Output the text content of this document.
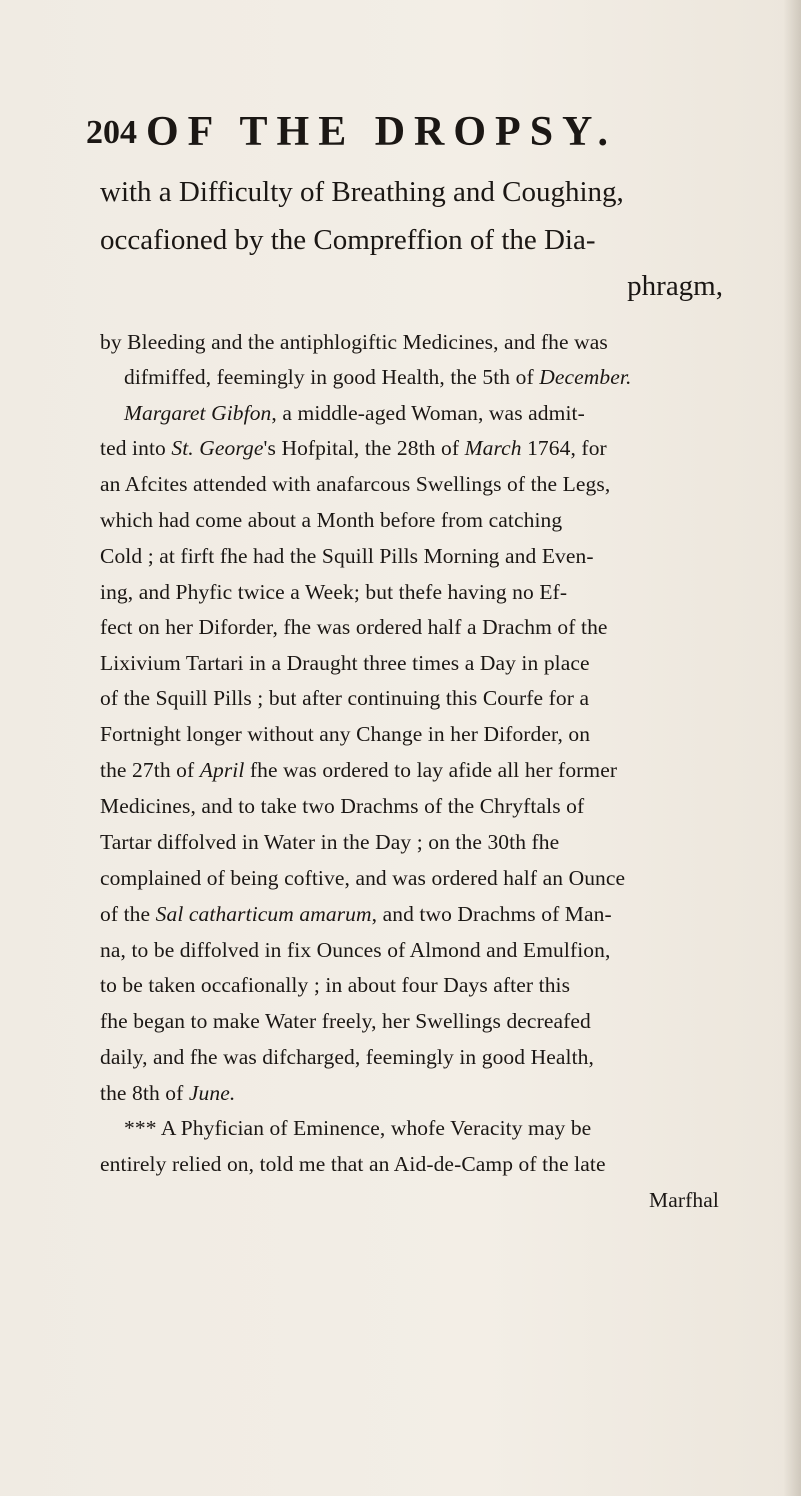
204 OF THE DROPSY.
with a Difficulty of Breathing and Coughing,
occafioned by the Compreffion of the Dia-
phragm,
by Bleeding and the antiphlogiftic Medicines, and fhe was
difmiffed, feemingly in good Health, the 5th of December.
Margaret Gibfon, a middle-aged Woman, was admit-
ted into St. George's Hofpital, the 28th of March 1764, for
an Afcites attended with anafarcous Swellings of the Legs,
which had come about a Month before from catching
Cold ; at firft fhe had the Squill Pills Morning and Even-
ing, and Phyfic twice a Week; but thefe having no Ef-
fect on her Diforder, fhe was ordered half a Drachm of the
Lixivium Tartari in a Draught three times a Day in place
of the Squill Pills ; but after continuing this Courfe for a
Fortnight longer without any Change in her Diforder, on
the 27th of April fhe was ordered to lay afide all her former
Medicines, and to take two Drachms of the Chryftals of
Tartar diffolved in Water in the Day ; on the 30th fhe
complained of being coftive, and was ordered half an Ounce
of the Sal catharticum amarum, and two Drachms of Man-
na, to be diffolved in fix Ounces of Almond and Emulfion,
to be taken occafionally ; in about four Days after this
fhe began to make Water freely, her Swellings decreafed
daily, and fhe was difcharged, feemingly in good Health,
the 8th of June.
*** A Phyfician of Eminence, whofe Veracity may be
entirely relied on, told me that an Aid-de-Camp of the late
Marfhal
